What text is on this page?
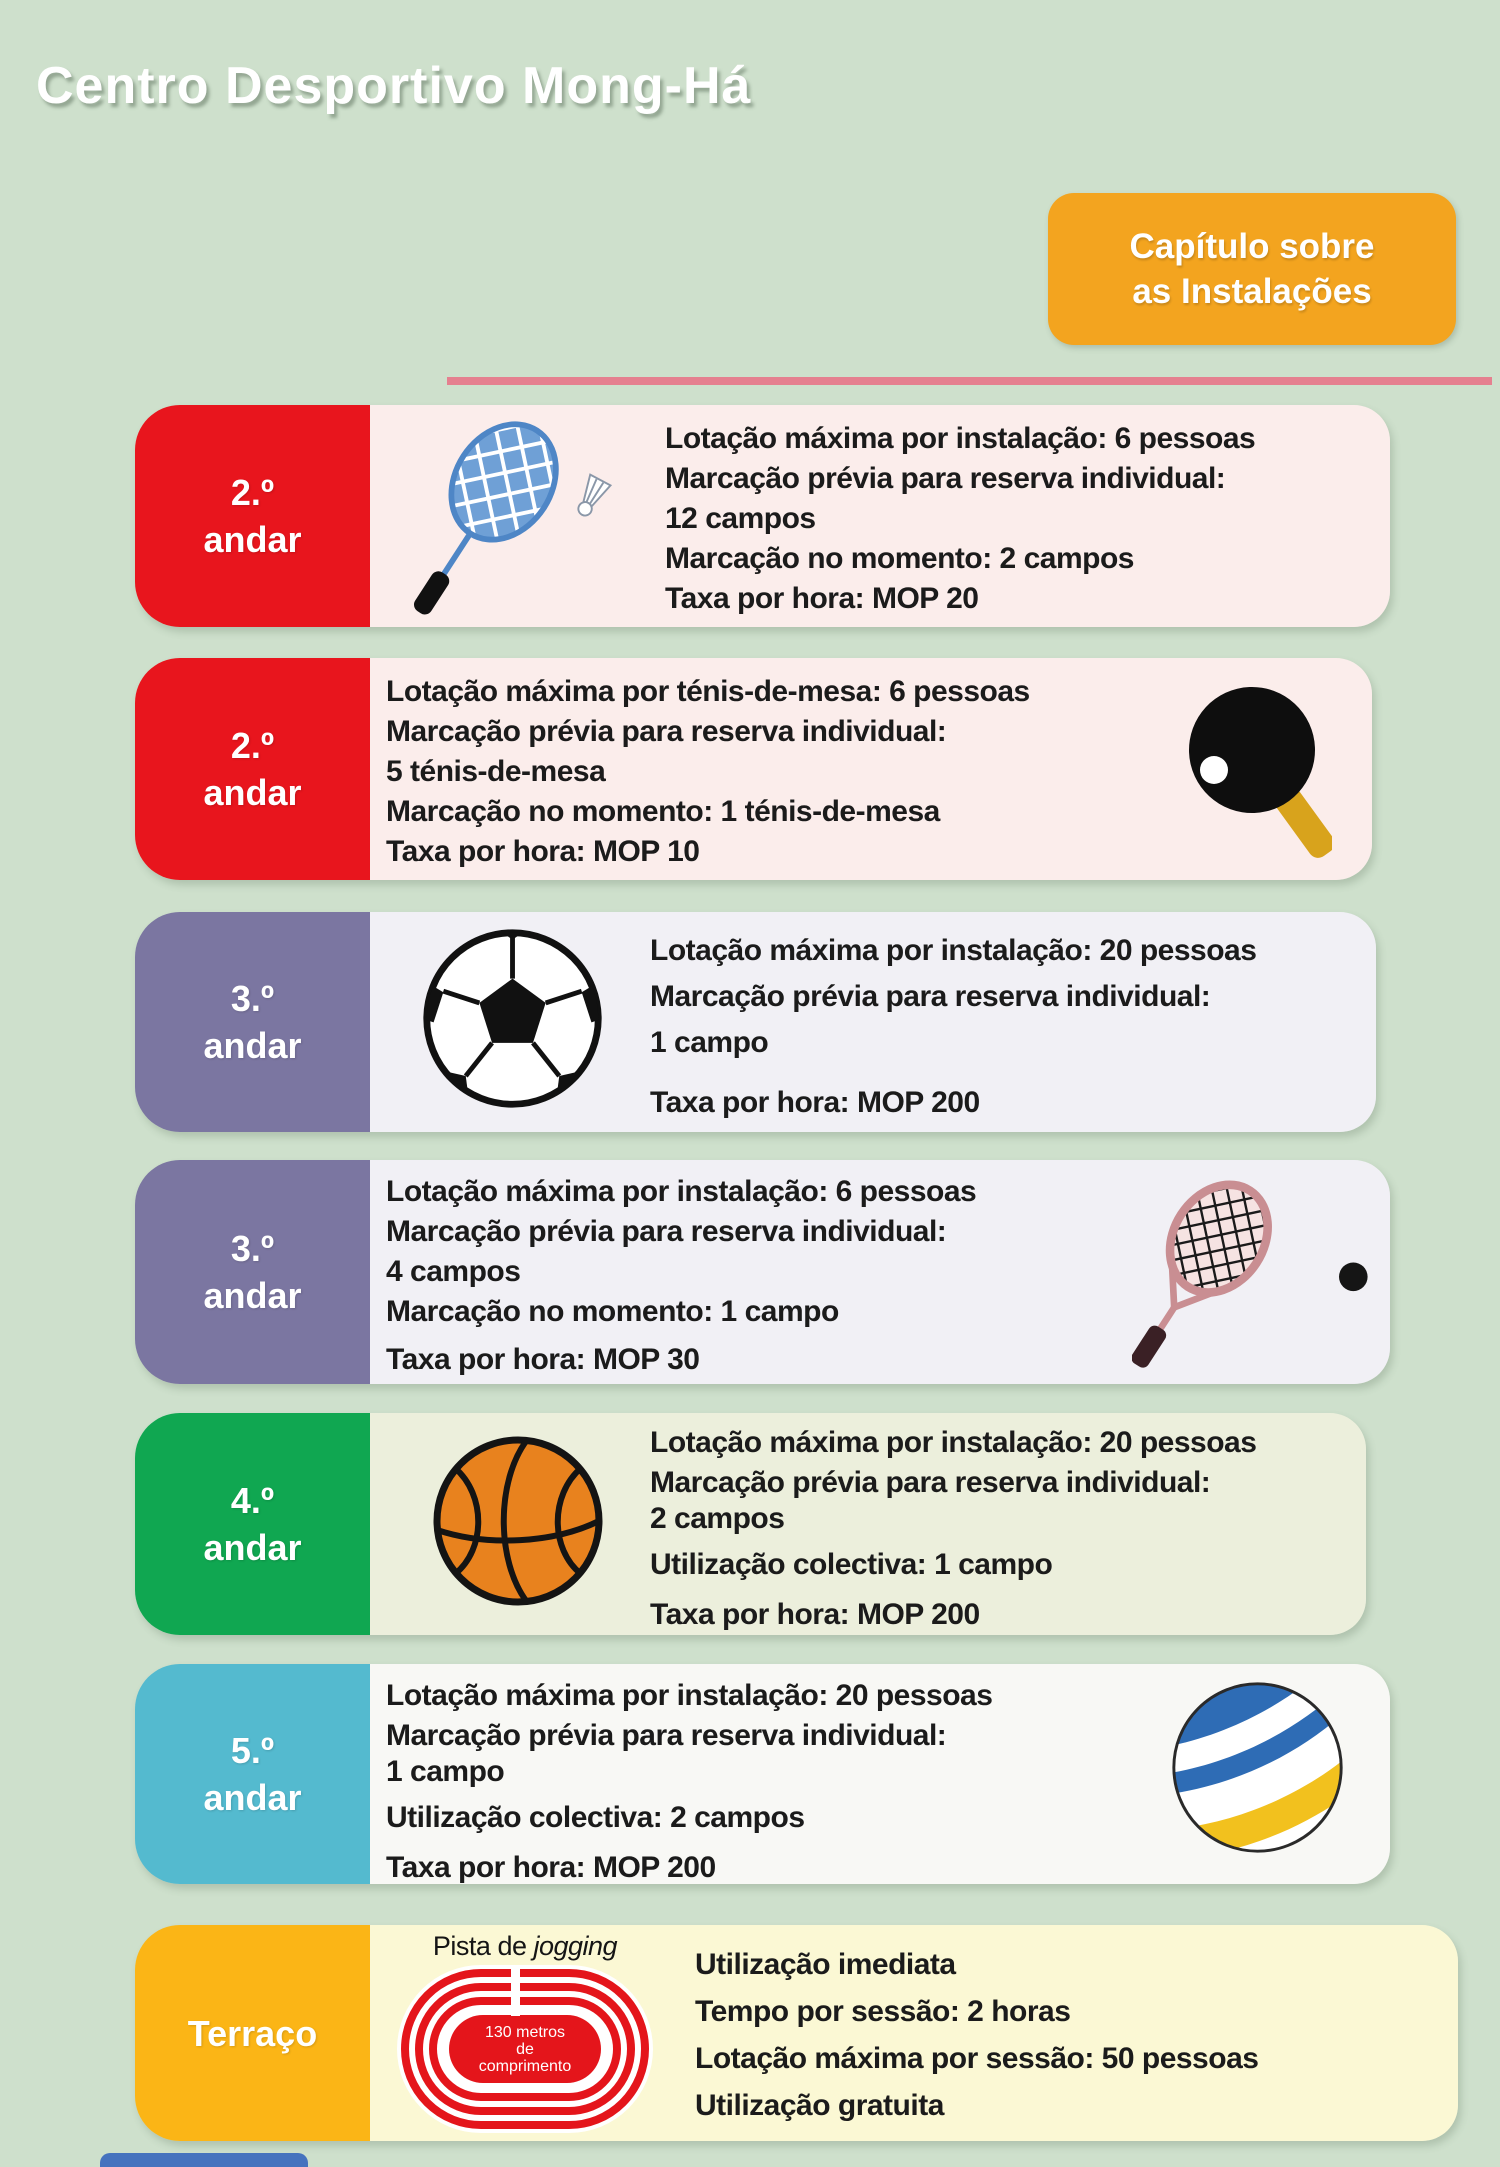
Centro Desportivo Mong-Há
Capítulo sobre
as Instalações
2.º
andar
Lotação máxima por instalação: 6 pessoas
Marcação prévia para reserva individual:
12 campos
Marcação no momento: 2 campos
Taxa por hora: MOP 20
2.º
andar
Lotação máxima por ténis-de-mesa: 6 pessoas
Marcação prévia para reserva individual:
5 ténis-de-mesa
Marcação no momento: 1 ténis-de-mesa
Taxa por hora: MOP 10
3.º
andar
Lotação máxima por instalação: 20 pessoas
Marcação prévia para reserva individual:
1 campo
Taxa por hora: MOP 200
3.º
andar
Lotação máxima por instalação: 6 pessoas
Marcação prévia para reserva individual:
4 campos
Marcação no momento: 1 campo
Taxa por hora: MOP 30
4.º
andar
Lotação máxima por instalação: 20 pessoas
Marcação prévia para reserva individual:
2 campos
Utilização colectiva: 1 campo
Taxa por hora: MOP 200
5.º
andar
Lotação máxima por instalação: 20 pessoas
Marcação prévia para reserva individual:
1 campo
Utilização colectiva: 2 campos
Taxa por hora: MOP 200
Terraço
Pista de jogging
130 metros
de
comprimento
Utilização imediata
Tempo por sessão: 2 horas
Lotação máxima por sessão: 50 pessoas
Utilização gratuita
